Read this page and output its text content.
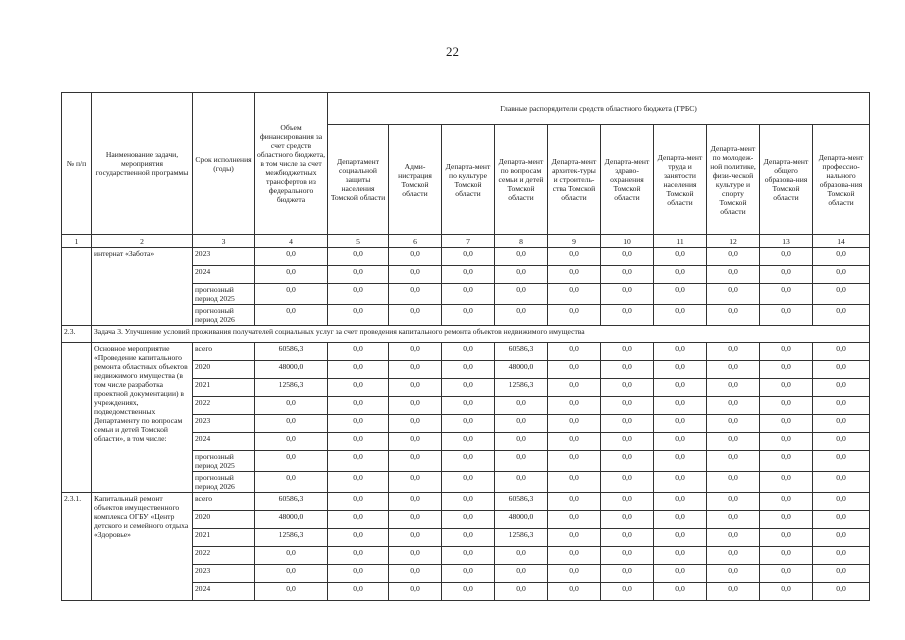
22
№ п/п	Наименование задачи, мероприятия государственной программы	Срок исполнения (годы)	Объем финансирования за счет средств областного бюджета, в том числе за счет межбюджетных трансфертов из федерального бюджета	Главные распорядители средств областного бюджета (ГРБС)									
				Департамент социальной защиты населения Томской области	Адми-нистрация Томской области	Департа-мент по культуре Томской области	Департа-мент по вопросам семьи и детей Томской области	Департа-мент архитек-туры и строитель-ства Томской области	Департа-мент здраво-охранения Томской области	Департа-мент труда и занятости населения Томской области	Департа-мент по молодеж-ной политике, физи-ческой культуре и спорту Томской области	Департа-мент общего образова-ния Томской области	Департа-мент профессио-нального образова-ния Томской области
1	2	3	4	5	6	7	8	9	10	11	12	13	14
	интернат «Забота»	2023	0,0	0,0	0,0	0,0	0,0	0,0	0,0	0,0	0,0	0,0	0,0
		2024	0,0	0,0	0,0	0,0	0,0	0,0	0,0	0,0	0,0	0,0	0,0
		прогнозный период 2025	0,0	0,0	0,0	0,0	0,0	0,0	0,0	0,0	0,0	0,0	0,0
		прогнозный период 2026	0,0	0,0	0,0	0,0	0,0	0,0	0,0	0,0	0,0	0,0	0,0
2.3.	Задача 3. Улучшение условий проживания получателей социальных услуг за счет проведения капитального ремонта объектов недвижимого имущества												
	Основное мероприятие «Проведение капитального ремонта областных объектов недвижимого имущества (в том числе разработка проектной документации) в учреждениях, подведомственных Департаменту по вопросам семьи и детей Томской области», в том числе:	всего	60586,3	0,0	0,0	0,0	60586,3	0,0	0,0	0,0	0,0	0,0	0,0
		2020	48000,0	0,0	0,0	0,0	48000,0	0,0	0,0	0,0	0,0	0,0	0,0
		2021	12586,3	0,0	0,0	0,0	12586,3	0,0	0,0	0,0	0,0	0,0	0,0
		2022	0,0	0,0	0,0	0,0	0,0	0,0	0,0	0,0	0,0	0,0	0,0
		2023	0,0	0,0	0,0	0,0	0,0	0,0	0,0	0,0	0,0	0,0	0,0
		2024	0,0	0,0	0,0	0,0	0,0	0,0	0,0	0,0	0,0	0,0	0,0
		прогнозный период 2025	0,0	0,0	0,0	0,0	0,0	0,0	0,0	0,0	0,0	0,0	0,0
		прогнозный период 2026	0,0	0,0	0,0	0,0	0,0	0,0	0,0	0,0	0,0	0,0	0,0
2.3.1.	Капитальный ремонт объектов имущественного комплекса ОГБУ «Центр детского и семейного отдыха «Здоровье»	всего	60586,3	0,0	0,0	0,0	60586,3	0,0	0,0	0,0	0,0	0,0	0,0
		2020	48000,0	0,0	0,0	0,0	48000,0	0,0	0,0	0,0	0,0	0,0	0,0
		2021	12586,3	0,0	0,0	0,0	12586,3	0,0	0,0	0,0	0,0	0,0	0,0
		2022	0,0	0,0	0,0	0,0	0,0	0,0	0,0	0,0	0,0	0,0	0,0
		2023	0,0	0,0	0,0	0,0	0,0	0,0	0,0	0,0	0,0	0,0	0,0
		2024	0,0	0,0	0,0	0,0	0,0	0,0	0,0	0,0	0,0	0,0	0,0
